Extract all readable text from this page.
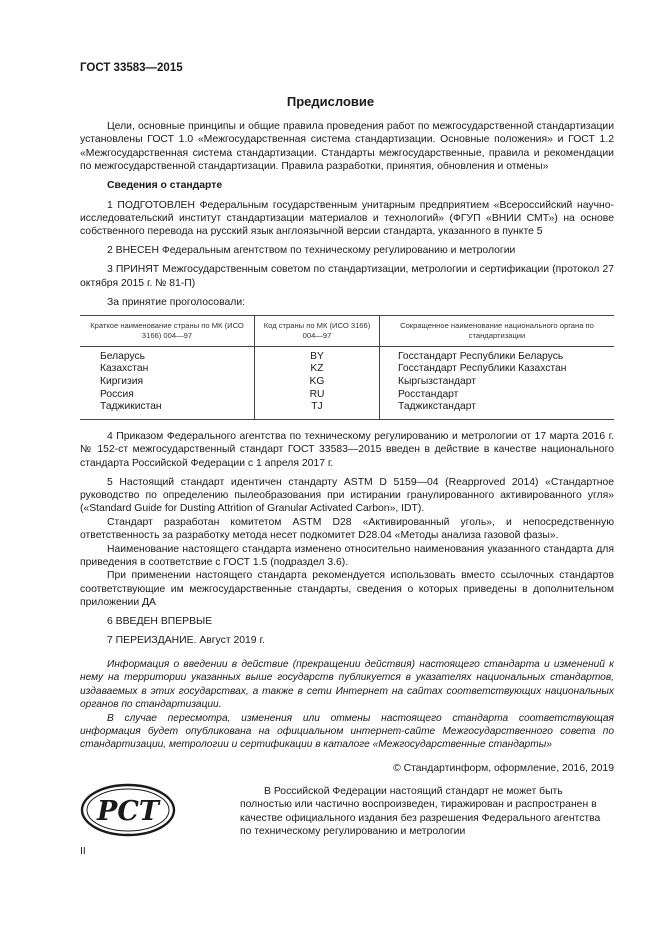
ГОСТ 33583—2015
Предисловие

Цели, основные принципы и общие правила проведения работ по межгосударственной стандартизации установлены ГОСТ 1.0 «Межгосударственная система стандартизации. Основные положения» и ГОСТ 1.2 «Межгосударственная система стандартизации. Стандарты межгосударственные, правила и рекомендации по межгосударственной стандартизации. Правила разработки, принятия, обновления и отмены»

Сведения о стандарте

1 ПОДГОТОВЛЕН Федеральным государственным унитарным предприятием «Всероссийский научно-исследовательский институт стандартизации материалов и технологий» (ФГУП «ВНИИ СМТ») на основе собственного перевода на русский язык англоязычной версии стандарта, указанного в пункте 5

2 ВНЕСЕН Федеральным агентством по техническому регулированию и метрологии

3 ПРИНЯТ Межгосударственным советом по стандартизации, метрологии и сертификации (протокол 27 октября 2015 г. № 81-П)

За принятие проголосовали:

Краткое наименование страны по МК (ИСО 3166) 004—97	Код страны по МК (ИСО 3166) 004—97	Сокращенное наименование национального органа по стандартизации
Беларусь	BY	Госстандарт Республики Беларусь
Казахстан	KZ	Госстандарт Республики Казахстан
Киргизия	KG	Кыргызстандарт
Россия	RU	Росстандарт
Таджикистан	TJ	Таджикстандарт

4 Приказом Федерального агентства по техническому регулированию и метрологии от 17 марта 2016 г. № 152-ст межгосударственный стандарт ГОСТ 33583—2015 введен в действие в качестве национального стандарта Российской Федерации с 1 апреля 2017 г.

5 Настоящий стандарт идентичен стандарту ASTM D 5159—04 (Reapproved 2014) «Стандартное руководство по определению пылеобразования при истирании гранулированного активированного угля» («Standard Guide for Dusting Attrition of Granular Activated Carbon», IDT).

Стандарт разработан комитетом ASTM D28 «Активированный уголь», и непосредственную ответственность за разработку метода несет подкомитет D28.04 «Методы анализа газовой фазы».

Наименование настоящего стандарта изменено относительно наименования указанного стандарта для приведения в соответствие с ГОСТ 1.5 (подраздел 3.6).

При применении настоящего стандарта рекомендуется использовать вместо ссылочных стандартов соответствующие им межгосударственные стандарты, сведения о которых приведены в дополнительном приложении ДА

6 ВВЕДЕН ВПЕРВЫЕ

7 ПЕРЕИЗДАНИЕ. Август 2019 г.

Информация о введении в действие (прекращении действия) настоящего стандарта и изменений к нему на территории указанных выше государств публикуется в указателях национальных стандартов, издаваемых в этих государствах, а также в сети Интернет на сайтах соответствующих национальных органов по стандартизации.

В случае пересмотра, изменения или отмены настоящего стандарта соответствующая информация будет опубликована на официальном интернет-сайте Межгосударственного совета по стандартизации, метрологии и сертификации в каталоге «Межгосударственные стандарты»

© Стандартинформ, оформление, 2016, 2019
РСТ

В Российской Федерации настоящий стандарт не может быть полностью или частично воспроизведен, тиражирован и распространен в качестве официального издания без разрешения Федерального агентства по техническому регулированию и метрологии

II
